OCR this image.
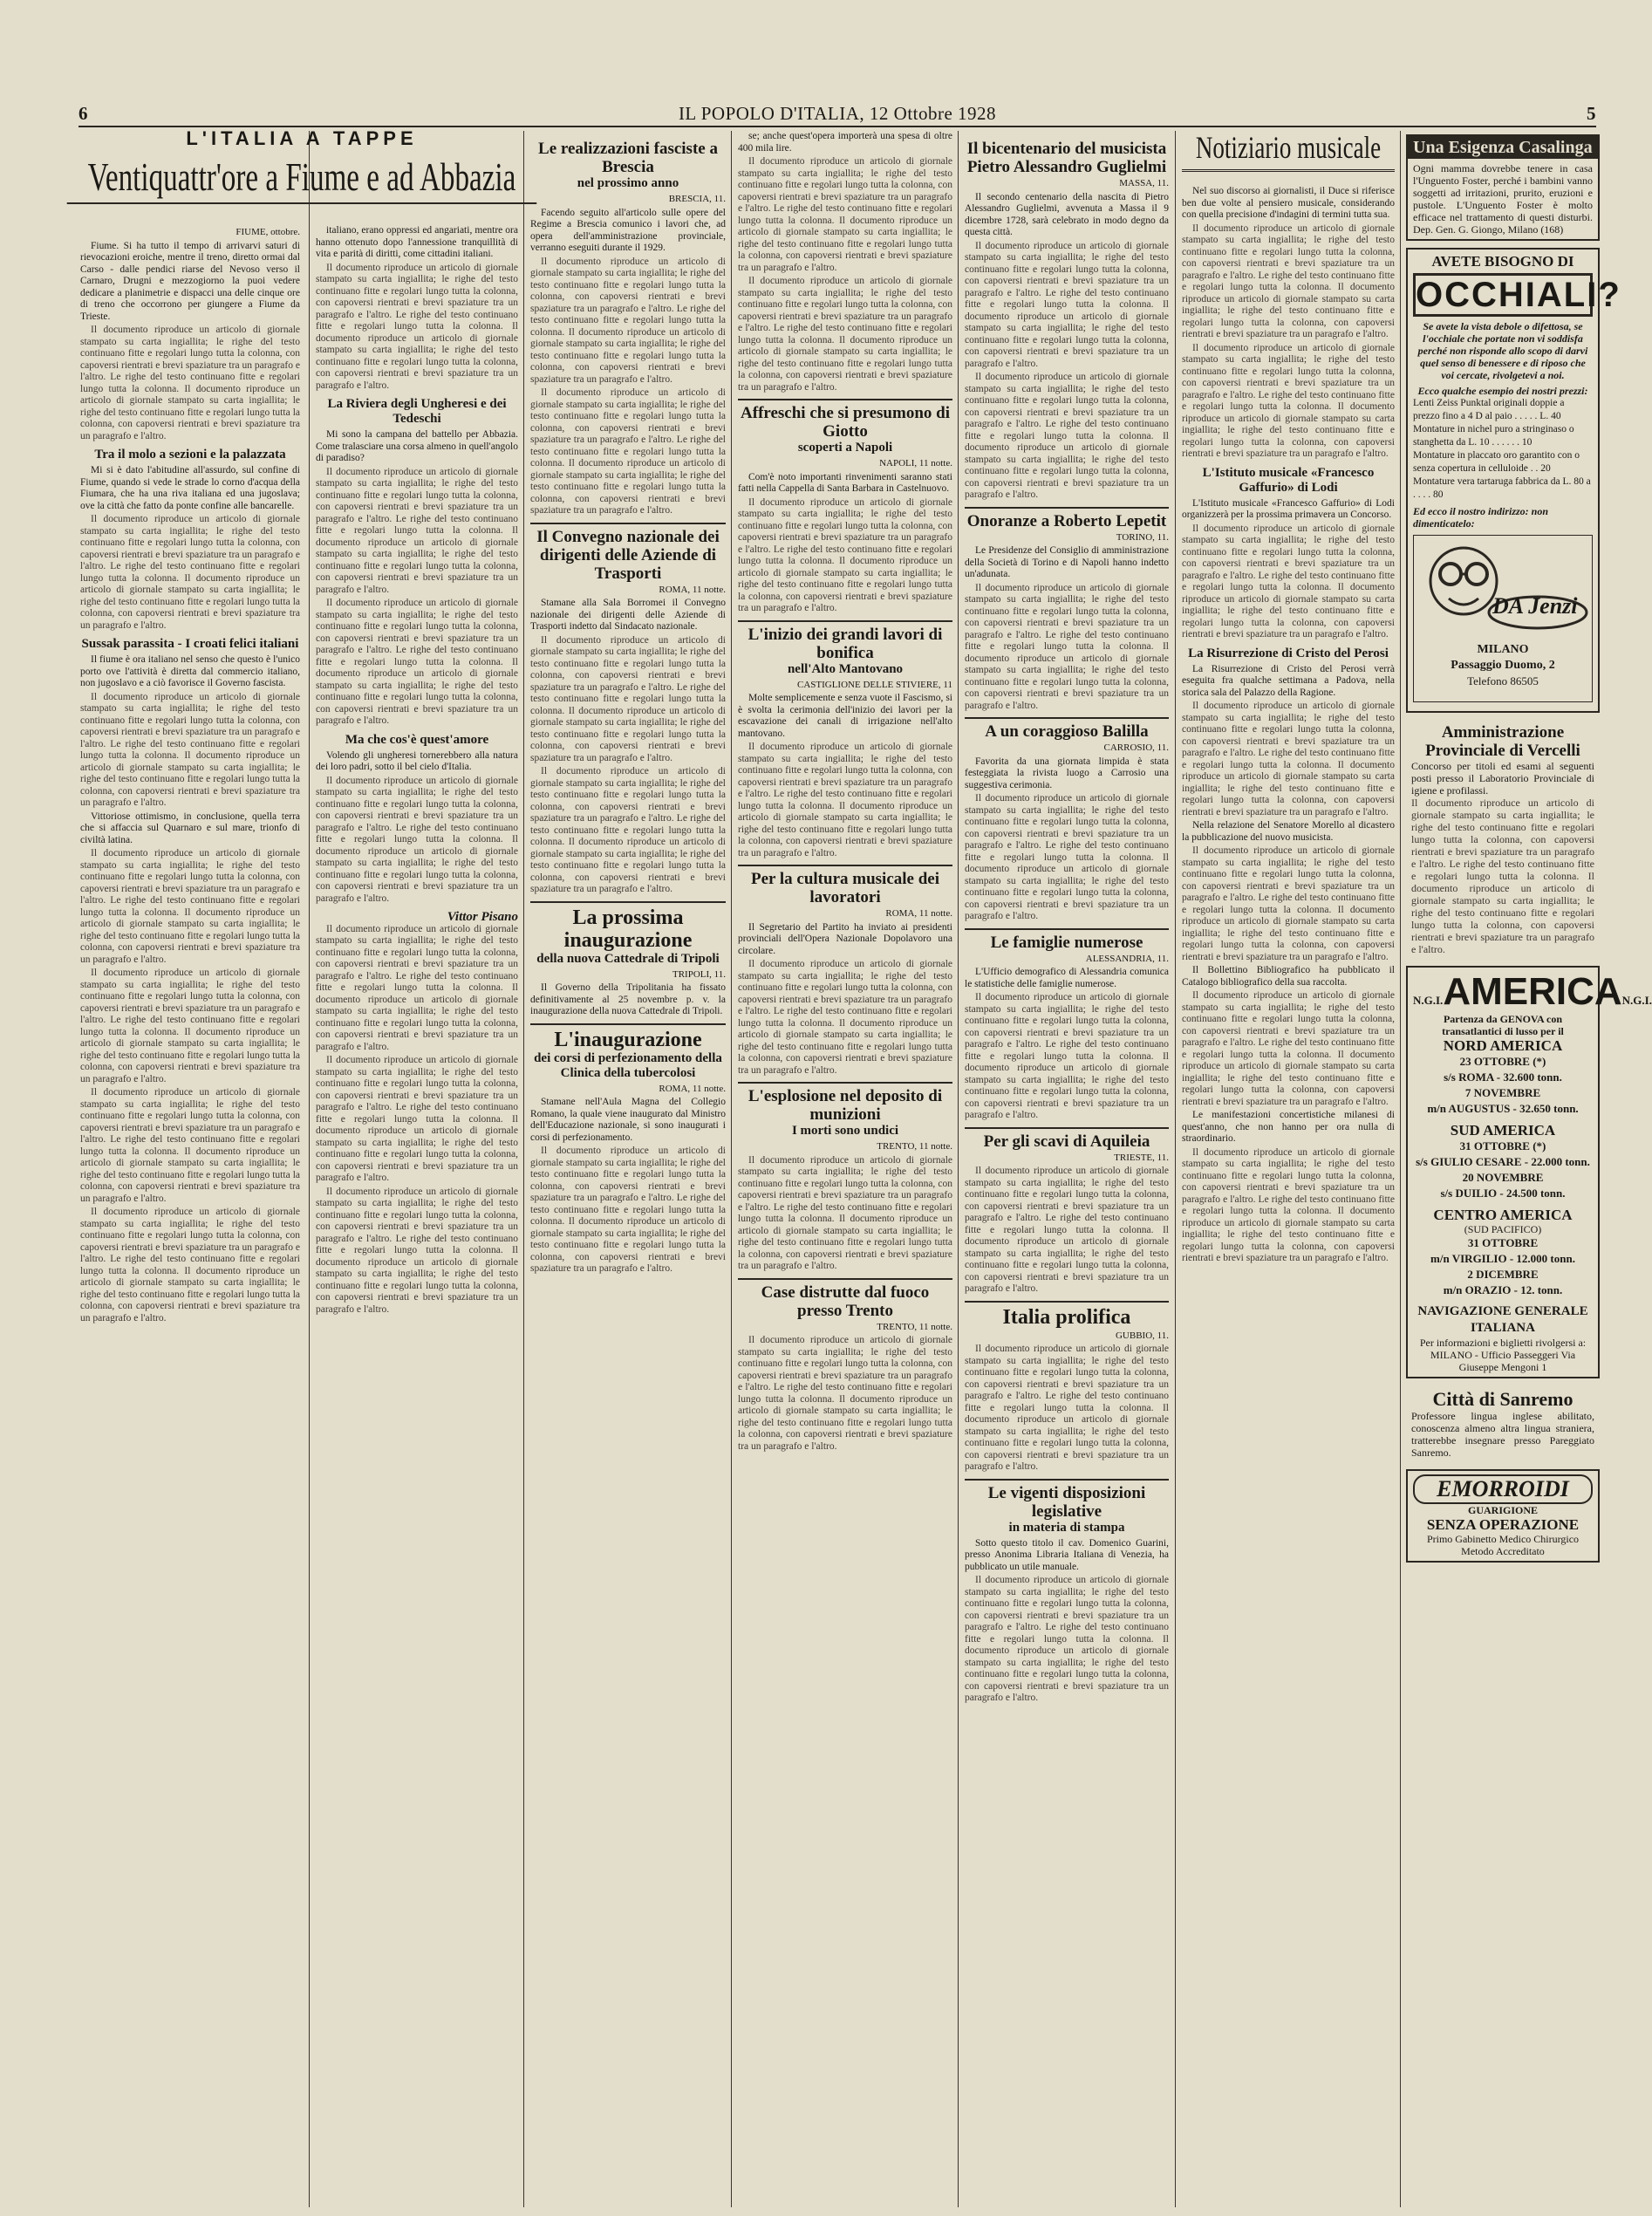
6	IL POPOLO D'ITALIA, 12 Ottobre 1928	5
L'ITALIA A TAPPE
Ventiquattr'ore a Fiume e ad Abbazia
FIUME, ottobre.

Fiume. Si ha tutto il tempo di arrivarvi saturi di rievocazioni eroiche, mentre il treno, diretto ormai dal Carso - dalle pendici riarse del Nevoso verso il Carnaro, Drugni e mezzogiorno la puoi vedere dedicare a planimetrie e dispacci una delle cinque ore di treno che occorrono per giungere a Fiume da Trieste.

Il documento riproduce un articolo di giornale stampato su carta ingiallita; le righe del testo continuano fitte e regolari lungo tutta la colonna, con capoversi rientrati e brevi spaziature tra un paragrafo e l'altro. Le righe del testo continuano fitte e regolari lungo tutta la colonna. Il documento riproduce un articolo di giornale stampato su carta ingiallita; le righe del testo continuano fitte e regolari lungo tutta la colonna, con capoversi rientrati e brevi spaziature tra un paragrafo e l'altro.

Tra il molo a sezioni e la palazzata

Mi si è dato l'abitudine all'assurdo, sul confine di Fiume, quando si vede le strade lo corno d'acqua della Fiumara, che ha una riva italiana ed una jugoslava; ove la città che fatto da ponte confine alle bancarelle.

Il documento riproduce un articolo di giornale stampato su carta ingiallita; le righe del testo continuano fitte e regolari lungo tutta la colonna, con capoversi rientrati e brevi spaziature tra un paragrafo e l'altro. Le righe del testo continuano fitte e regolari lungo tutta la colonna. Il documento riproduce un articolo di giornale stampato su carta ingiallita; le righe del testo continuano fitte e regolari lungo tutta la colonna, con capoversi rientrati e brevi spaziature tra un paragrafo e l'altro.

Sussak parassita - I croati felici italiani

Il fiume è ora italiano nel senso che questo è l'unico porto ove l'attività è diretta dal commercio italiano, non jugoslavo e a ciò favorisce il Governo fascista.

Il documento riproduce un articolo di giornale stampato su carta ingiallita; le righe del testo continuano fitte e regolari lungo tutta la colonna, con capoversi rientrati e brevi spaziature tra un paragrafo e l'altro. Le righe del testo continuano fitte e regolari lungo tutta la colonna. Il documento riproduce un articolo di giornale stampato su carta ingiallita; le righe del testo continuano fitte e regolari lungo tutta la colonna, con capoversi rientrati e brevi spaziature tra un paragrafo e l'altro.

Vittoriose ottimismo, in conclusione, quella terra che si affaccia sul Quarnaro e sul mare, trionfo di civiltà latina.

Il documento riproduce un articolo di giornale stampato su carta ingiallita; le righe del testo continuano fitte e regolari lungo tutta la colonna, con capoversi rientrati e brevi spaziature tra un paragrafo e l'altro. Le righe del testo continuano fitte e regolari lungo tutta la colonna. Il documento riproduce un articolo di giornale stampato su carta ingiallita; le righe del testo continuano fitte e regolari lungo tutta la colonna, con capoversi rientrati e brevi spaziature tra un paragrafo e l'altro.

Il documento riproduce un articolo di giornale stampato su carta ingiallita; le righe del testo continuano fitte e regolari lungo tutta la colonna, con capoversi rientrati e brevi spaziature tra un paragrafo e l'altro. Le righe del testo continuano fitte e regolari lungo tutta la colonna. Il documento riproduce un articolo di giornale stampato su carta ingiallita; le righe del testo continuano fitte e regolari lungo tutta la colonna, con capoversi rientrati e brevi spaziature tra un paragrafo e l'altro.

Il documento riproduce un articolo di giornale stampato su carta ingiallita; le righe del testo continuano fitte e regolari lungo tutta la colonna, con capoversi rientrati e brevi spaziature tra un paragrafo e l'altro. Le righe del testo continuano fitte e regolari lungo tutta la colonna. Il documento riproduce un articolo di giornale stampato su carta ingiallita; le righe del testo continuano fitte e regolari lungo tutta la colonna, con capoversi rientrati e brevi spaziature tra un paragrafo e l'altro.

Il documento riproduce un articolo di giornale stampato su carta ingiallita; le righe del testo continuano fitte e regolari lungo tutta la colonna, con capoversi rientrati e brevi spaziature tra un paragrafo e l'altro. Le righe del testo continuano fitte e regolari lungo tutta la colonna. Il documento riproduce un articolo di giornale stampato su carta ingiallita; le righe del testo continuano fitte e regolari lungo tutta la colonna, con capoversi rientrati e brevi spaziature tra un paragrafo e l'altro.

italiano, erano oppressi ed angariati, mentre ora hanno ottenuto dopo l'annessione tranquillità di vita e parità di diritti, come cittadini italiani.

Il documento riproduce un articolo di giornale stampato su carta ingiallita; le righe del testo continuano fitte e regolari lungo tutta la colonna, con capoversi rientrati e brevi spaziature tra un paragrafo e l'altro. Le righe del testo continuano fitte e regolari lungo tutta la colonna. Il documento riproduce un articolo di giornale stampato su carta ingiallita; le righe del testo continuano fitte e regolari lungo tutta la colonna, con capoversi rientrati e brevi spaziature tra un paragrafo e l'altro.

La Riviera degli Ungheresi e dei Tedeschi

Mi sono la campana del battello per Abbazia. Come tralasciare una corsa almeno in quell'angolo di paradiso?

Il documento riproduce un articolo di giornale stampato su carta ingiallita; le righe del testo continuano fitte e regolari lungo tutta la colonna, con capoversi rientrati e brevi spaziature tra un paragrafo e l'altro. Le righe del testo continuano fitte e regolari lungo tutta la colonna. Il documento riproduce un articolo di giornale stampato su carta ingiallita; le righe del testo continuano fitte e regolari lungo tutta la colonna, con capoversi rientrati e brevi spaziature tra un paragrafo e l'altro.

Il documento riproduce un articolo di giornale stampato su carta ingiallita; le righe del testo continuano fitte e regolari lungo tutta la colonna, con capoversi rientrati e brevi spaziature tra un paragrafo e l'altro. Le righe del testo continuano fitte e regolari lungo tutta la colonna. Il documento riproduce un articolo di giornale stampato su carta ingiallita; le righe del testo continuano fitte e regolari lungo tutta la colonna, con capoversi rientrati e brevi spaziature tra un paragrafo e l'altro.

Ma che cos'è quest'amore

Volendo gli ungheresi tornerebbero alla natura dei loro padri, sotto il bel cielo d'Italia.

Il documento riproduce un articolo di giornale stampato su carta ingiallita; le righe del testo continuano fitte e regolari lungo tutta la colonna, con capoversi rientrati e brevi spaziature tra un paragrafo e l'altro. Le righe del testo continuano fitte e regolari lungo tutta la colonna. Il documento riproduce un articolo di giornale stampato su carta ingiallita; le righe del testo continuano fitte e regolari lungo tutta la colonna, con capoversi rientrati e brevi spaziature tra un paragrafo e l'altro.

Vittor Pisano

Il documento riproduce un articolo di giornale stampato su carta ingiallita; le righe del testo continuano fitte e regolari lungo tutta la colonna, con capoversi rientrati e brevi spaziature tra un paragrafo e l'altro. Le righe del testo continuano fitte e regolari lungo tutta la colonna. Il documento riproduce un articolo di giornale stampato su carta ingiallita; le righe del testo continuano fitte e regolari lungo tutta la colonna, con capoversi rientrati e brevi spaziature tra un paragrafo e l'altro.

Il documento riproduce un articolo di giornale stampato su carta ingiallita; le righe del testo continuano fitte e regolari lungo tutta la colonna, con capoversi rientrati e brevi spaziature tra un paragrafo e l'altro. Le righe del testo continuano fitte e regolari lungo tutta la colonna. Il documento riproduce un articolo di giornale stampato su carta ingiallita; le righe del testo continuano fitte e regolari lungo tutta la colonna, con capoversi rientrati e brevi spaziature tra un paragrafo e l'altro.

Il documento riproduce un articolo di giornale stampato su carta ingiallita; le righe del testo continuano fitte e regolari lungo tutta la colonna, con capoversi rientrati e brevi spaziature tra un paragrafo e l'altro. Le righe del testo continuano fitte e regolari lungo tutta la colonna. Il documento riproduce un articolo di giornale stampato su carta ingiallita; le righe del testo continuano fitte e regolari lungo tutta la colonna, con capoversi rientrati e brevi spaziature tra un paragrafo e l'altro.

Le realizzazioni fasciste a Brescia
nel prossimo anno
BRESCIA, 11.

Facendo seguito all'articolo sulle opere del Regime a Brescia comunico i lavori che, ad opera dell'amministrazione provinciale, verranno eseguiti durante il 1929.

Il documento riproduce un articolo di giornale stampato su carta ingiallita; le righe del testo continuano fitte e regolari lungo tutta la colonna, con capoversi rientrati e brevi spaziature tra un paragrafo e l'altro. Le righe del testo continuano fitte e regolari lungo tutta la colonna. Il documento riproduce un articolo di giornale stampato su carta ingiallita; le righe del testo continuano fitte e regolari lungo tutta la colonna, con capoversi rientrati e brevi spaziature tra un paragrafo e l'altro.

Il documento riproduce un articolo di giornale stampato su carta ingiallita; le righe del testo continuano fitte e regolari lungo tutta la colonna, con capoversi rientrati e brevi spaziature tra un paragrafo e l'altro. Le righe del testo continuano fitte e regolari lungo tutta la colonna. Il documento riproduce un articolo di giornale stampato su carta ingiallita; le righe del testo continuano fitte e regolari lungo tutta la colonna, con capoversi rientrati e brevi spaziature tra un paragrafo e l'altro.

Il Convegno nazionale dei dirigenti delle Aziende di Trasporti
ROMA, 11 notte.

Stamane alla Sala Borromei il Convegno nazionale dei dirigenti delle Aziende di Trasporti indetto dal Sindacato nazionale.

Il documento riproduce un articolo di giornale stampato su carta ingiallita; le righe del testo continuano fitte e regolari lungo tutta la colonna, con capoversi rientrati e brevi spaziature tra un paragrafo e l'altro. Le righe del testo continuano fitte e regolari lungo tutta la colonna. Il documento riproduce un articolo di giornale stampato su carta ingiallita; le righe del testo continuano fitte e regolari lungo tutta la colonna, con capoversi rientrati e brevi spaziature tra un paragrafo e l'altro.

Il documento riproduce un articolo di giornale stampato su carta ingiallita; le righe del testo continuano fitte e regolari lungo tutta la colonna, con capoversi rientrati e brevi spaziature tra un paragrafo e l'altro. Le righe del testo continuano fitte e regolari lungo tutta la colonna. Il documento riproduce un articolo di giornale stampato su carta ingiallita; le righe del testo continuano fitte e regolari lungo tutta la colonna, con capoversi rientrati e brevi spaziature tra un paragrafo e l'altro.

La prossima inaugurazione
della nuova Cattedrale di Tripoli
TRIPOLI, 11.

Il Governo della Tripolitania ha fissato definitivamente al 25 novembre p. v. la inaugurazione della nuova Cattedrale di Tripoli.

L'inaugurazione
dei corsi di perfezionamento della Clinica della tubercolosi
ROMA, 11 notte.

Stamane nell'Aula Magna del Collegio Romano, la quale viene inaugurato dal Ministro dell'Educazione nazionale, si sono inaugurati i corsi di perfezionamento.

Il documento riproduce un articolo di giornale stampato su carta ingiallita; le righe del testo continuano fitte e regolari lungo tutta la colonna, con capoversi rientrati e brevi spaziature tra un paragrafo e l'altro. Le righe del testo continuano fitte e regolari lungo tutta la colonna. Il documento riproduce un articolo di giornale stampato su carta ingiallita; le righe del testo continuano fitte e regolari lungo tutta la colonna, con capoversi rientrati e brevi spaziature tra un paragrafo e l'altro.

se; anche quest'opera importerà una spesa di oltre 400 mila lire.

Il documento riproduce un articolo di giornale stampato su carta ingiallita; le righe del testo continuano fitte e regolari lungo tutta la colonna, con capoversi rientrati e brevi spaziature tra un paragrafo e l'altro. Le righe del testo continuano fitte e regolari lungo tutta la colonna. Il documento riproduce un articolo di giornale stampato su carta ingiallita; le righe del testo continuano fitte e regolari lungo tutta la colonna, con capoversi rientrati e brevi spaziature tra un paragrafo e l'altro.

Il documento riproduce un articolo di giornale stampato su carta ingiallita; le righe del testo continuano fitte e regolari lungo tutta la colonna, con capoversi rientrati e brevi spaziature tra un paragrafo e l'altro. Le righe del testo continuano fitte e regolari lungo tutta la colonna. Il documento riproduce un articolo di giornale stampato su carta ingiallita; le righe del testo continuano fitte e regolari lungo tutta la colonna, con capoversi rientrati e brevi spaziature tra un paragrafo e l'altro.

Affreschi che si presumono di Giotto
scoperti a Napoli
NAPOLI, 11 notte.

Com'è noto importanti rinvenimenti saranno stati fatti nella Cappella di Santa Barbara in Castelnuovo.

Il documento riproduce un articolo di giornale stampato su carta ingiallita; le righe del testo continuano fitte e regolari lungo tutta la colonna, con capoversi rientrati e brevi spaziature tra un paragrafo e l'altro. Le righe del testo continuano fitte e regolari lungo tutta la colonna. Il documento riproduce un articolo di giornale stampato su carta ingiallita; le righe del testo continuano fitte e regolari lungo tutta la colonna, con capoversi rientrati e brevi spaziature tra un paragrafo e l'altro.

L'inizio dei grandi lavori di bonifica
nell'Alto Mantovano
CASTIGLIONE DELLE STIVIERE, 11

Molte semplicemente e senza vuote il Fascismo, si è svolta la cerimonia dell'inizio dei lavori per la escavazione dei canali di irrigazione nell'alto mantovano.

Il documento riproduce un articolo di giornale stampato su carta ingiallita; le righe del testo continuano fitte e regolari lungo tutta la colonna, con capoversi rientrati e brevi spaziature tra un paragrafo e l'altro. Le righe del testo continuano fitte e regolari lungo tutta la colonna. Il documento riproduce un articolo di giornale stampato su carta ingiallita; le righe del testo continuano fitte e regolari lungo tutta la colonna, con capoversi rientrati e brevi spaziature tra un paragrafo e l'altro.

Per la cultura musicale dei lavoratori
ROMA, 11 notte.

Il Segretario del Partito ha inviato ai presidenti provinciali dell'Opera Nazionale Dopolavoro una circolare.

Il documento riproduce un articolo di giornale stampato su carta ingiallita; le righe del testo continuano fitte e regolari lungo tutta la colonna, con capoversi rientrati e brevi spaziature tra un paragrafo e l'altro. Le righe del testo continuano fitte e regolari lungo tutta la colonna. Il documento riproduce un articolo di giornale stampato su carta ingiallita; le righe del testo continuano fitte e regolari lungo tutta la colonna, con capoversi rientrati e brevi spaziature tra un paragrafo e l'altro.

L'esplosione nel deposito di munizioni
I morti sono undici
TRENTO, 11 notte.

Il documento riproduce un articolo di giornale stampato su carta ingiallita; le righe del testo continuano fitte e regolari lungo tutta la colonna, con capoversi rientrati e brevi spaziature tra un paragrafo e l'altro. Le righe del testo continuano fitte e regolari lungo tutta la colonna. Il documento riproduce un articolo di giornale stampato su carta ingiallita; le righe del testo continuano fitte e regolari lungo tutta la colonna, con capoversi rientrati e brevi spaziature tra un paragrafo e l'altro.

Case distrutte dal fuoco presso Trento
TRENTO, 11 notte.

Il documento riproduce un articolo di giornale stampato su carta ingiallita; le righe del testo continuano fitte e regolari lungo tutta la colonna, con capoversi rientrati e brevi spaziature tra un paragrafo e l'altro. Le righe del testo continuano fitte e regolari lungo tutta la colonna. Il documento riproduce un articolo di giornale stampato su carta ingiallita; le righe del testo continuano fitte e regolari lungo tutta la colonna, con capoversi rientrati e brevi spaziature tra un paragrafo e l'altro.

Il bicentenario del musicista Pietro Alessandro Guglielmi
MASSA, 11.

Il secondo centenario della nascita di Pietro Alessandro Guglielmi, avvenuta a Massa il 9 dicembre 1728, sarà celebrato in modo degno da questa città.

Il documento riproduce un articolo di giornale stampato su carta ingiallita; le righe del testo continuano fitte e regolari lungo tutta la colonna, con capoversi rientrati e brevi spaziature tra un paragrafo e l'altro. Le righe del testo continuano fitte e regolari lungo tutta la colonna. Il documento riproduce un articolo di giornale stampato su carta ingiallita; le righe del testo continuano fitte e regolari lungo tutta la colonna, con capoversi rientrati e brevi spaziature tra un paragrafo e l'altro.

Il documento riproduce un articolo di giornale stampato su carta ingiallita; le righe del testo continuano fitte e regolari lungo tutta la colonna, con capoversi rientrati e brevi spaziature tra un paragrafo e l'altro. Le righe del testo continuano fitte e regolari lungo tutta la colonna. Il documento riproduce un articolo di giornale stampato su carta ingiallita; le righe del testo continuano fitte e regolari lungo tutta la colonna, con capoversi rientrati e brevi spaziature tra un paragrafo e l'altro.

Onoranze a Roberto Lepetit
TORINO, 11.

Le Presidenze del Consiglio di amministrazione della Società di Torino e di Napoli hanno indetto un'adunata.

Il documento riproduce un articolo di giornale stampato su carta ingiallita; le righe del testo continuano fitte e regolari lungo tutta la colonna, con capoversi rientrati e brevi spaziature tra un paragrafo e l'altro. Le righe del testo continuano fitte e regolari lungo tutta la colonna. Il documento riproduce un articolo di giornale stampato su carta ingiallita; le righe del testo continuano fitte e regolari lungo tutta la colonna, con capoversi rientrati e brevi spaziature tra un paragrafo e l'altro.

A un coraggioso Balilla
CARROSIO, 11.

Favorita da una giornata limpida è stata festeggiata la rivista luogo a Carrosio una suggestiva cerimonia.

Il documento riproduce un articolo di giornale stampato su carta ingiallita; le righe del testo continuano fitte e regolari lungo tutta la colonna, con capoversi rientrati e brevi spaziature tra un paragrafo e l'altro. Le righe del testo continuano fitte e regolari lungo tutta la colonna. Il documento riproduce un articolo di giornale stampato su carta ingiallita; le righe del testo continuano fitte e regolari lungo tutta la colonna, con capoversi rientrati e brevi spaziature tra un paragrafo e l'altro.

Le famiglie numerose
ALESSANDRIA, 11.

L'Ufficio demografico di Alessandria comunica le statistiche delle famiglie numerose.

Il documento riproduce un articolo di giornale stampato su carta ingiallita; le righe del testo continuano fitte e regolari lungo tutta la colonna, con capoversi rientrati e brevi spaziature tra un paragrafo e l'altro. Le righe del testo continuano fitte e regolari lungo tutta la colonna. Il documento riproduce un articolo di giornale stampato su carta ingiallita; le righe del testo continuano fitte e regolari lungo tutta la colonna, con capoversi rientrati e brevi spaziature tra un paragrafo e l'altro.

Per gli scavi di Aquileia
TRIESTE, 11.

Il documento riproduce un articolo di giornale stampato su carta ingiallita; le righe del testo continuano fitte e regolari lungo tutta la colonna, con capoversi rientrati e brevi spaziature tra un paragrafo e l'altro. Le righe del testo continuano fitte e regolari lungo tutta la colonna. Il documento riproduce un articolo di giornale stampato su carta ingiallita; le righe del testo continuano fitte e regolari lungo tutta la colonna, con capoversi rientrati e brevi spaziature tra un paragrafo e l'altro.

Italia prolifica
GUBBIO, 11.

Il documento riproduce un articolo di giornale stampato su carta ingiallita; le righe del testo continuano fitte e regolari lungo tutta la colonna, con capoversi rientrati e brevi spaziature tra un paragrafo e l'altro. Le righe del testo continuano fitte e regolari lungo tutta la colonna. Il documento riproduce un articolo di giornale stampato su carta ingiallita; le righe del testo continuano fitte e regolari lungo tutta la colonna, con capoversi rientrati e brevi spaziature tra un paragrafo e l'altro.

Le vigenti disposizioni legislative
in materia di stampa

Sotto questo titolo il cav. Domenico Guarini, presso Anonima Libraria Italiana di Venezia, ha pubblicato un utile manuale.

Il documento riproduce un articolo di giornale stampato su carta ingiallita; le righe del testo continuano fitte e regolari lungo tutta la colonna, con capoversi rientrati e brevi spaziature tra un paragrafo e l'altro. Le righe del testo continuano fitte e regolari lungo tutta la colonna. Il documento riproduce un articolo di giornale stampato su carta ingiallita; le righe del testo continuano fitte e regolari lungo tutta la colonna, con capoversi rientrati e brevi spaziature tra un paragrafo e l'altro.

Notiziario musicale

Nel suo discorso ai giornalisti, il Duce si riferisce ben due volte al pensiero musicale, considerando con quella precisione d'indagini di termini tutta sua.

Il documento riproduce un articolo di giornale stampato su carta ingiallita; le righe del testo continuano fitte e regolari lungo tutta la colonna, con capoversi rientrati e brevi spaziature tra un paragrafo e l'altro. Le righe del testo continuano fitte e regolari lungo tutta la colonna. Il documento riproduce un articolo di giornale stampato su carta ingiallita; le righe del testo continuano fitte e regolari lungo tutta la colonna, con capoversi rientrati e brevi spaziature tra un paragrafo e l'altro.

Il documento riproduce un articolo di giornale stampato su carta ingiallita; le righe del testo continuano fitte e regolari lungo tutta la colonna, con capoversi rientrati e brevi spaziature tra un paragrafo e l'altro. Le righe del testo continuano fitte e regolari lungo tutta la colonna. Il documento riproduce un articolo di giornale stampato su carta ingiallita; le righe del testo continuano fitte e regolari lungo tutta la colonna, con capoversi rientrati e brevi spaziature tra un paragrafo e l'altro.

L'Istituto musicale «Francesco Gaffurio» di Lodi

L'Istituto musicale «Francesco Gaffurio» di Lodi organizzerà per la prossima primavera un Concorso.

Il documento riproduce un articolo di giornale stampato su carta ingiallita; le righe del testo continuano fitte e regolari lungo tutta la colonna, con capoversi rientrati e brevi spaziature tra un paragrafo e l'altro. Le righe del testo continuano fitte e regolari lungo tutta la colonna. Il documento riproduce un articolo di giornale stampato su carta ingiallita; le righe del testo continuano fitte e regolari lungo tutta la colonna, con capoversi rientrati e brevi spaziature tra un paragrafo e l'altro.

La Risurrezione di Cristo del Perosi

La Risurrezione di Cristo del Perosi verrà eseguita fra qualche settimana a Padova, nella storica sala del Palazzo della Ragione.

Il documento riproduce un articolo di giornale stampato su carta ingiallita; le righe del testo continuano fitte e regolari lungo tutta la colonna, con capoversi rientrati e brevi spaziature tra un paragrafo e l'altro. Le righe del testo continuano fitte e regolari lungo tutta la colonna. Il documento riproduce un articolo di giornale stampato su carta ingiallita; le righe del testo continuano fitte e regolari lungo tutta la colonna, con capoversi rientrati e brevi spaziature tra un paragrafo e l'altro.

Nella relazione del Senatore Morello al dicastero la pubblicazione del nuovo musicista.

Il documento riproduce un articolo di giornale stampato su carta ingiallita; le righe del testo continuano fitte e regolari lungo tutta la colonna, con capoversi rientrati e brevi spaziature tra un paragrafo e l'altro. Le righe del testo continuano fitte e regolari lungo tutta la colonna. Il documento riproduce un articolo di giornale stampato su carta ingiallita; le righe del testo continuano fitte e regolari lungo tutta la colonna, con capoversi rientrati e brevi spaziature tra un paragrafo e l'altro.

Il Bollettino Bibliografico ha pubblicato il Catalogo bibliografico della sua raccolta.

Il documento riproduce un articolo di giornale stampato su carta ingiallita; le righe del testo continuano fitte e regolari lungo tutta la colonna, con capoversi rientrati e brevi spaziature tra un paragrafo e l'altro. Le righe del testo continuano fitte e regolari lungo tutta la colonna. Il documento riproduce un articolo di giornale stampato su carta ingiallita; le righe del testo continuano fitte e regolari lungo tutta la colonna, con capoversi rientrati e brevi spaziature tra un paragrafo e l'altro.

Le manifestazioni concertistiche milanesi di quest'anno, che non hanno per ora nulla di straordinario.

Il documento riproduce un articolo di giornale stampato su carta ingiallita; le righe del testo continuano fitte e regolari lungo tutta la colonna, con capoversi rientrati e brevi spaziature tra un paragrafo e l'altro. Le righe del testo continuano fitte e regolari lungo tutta la colonna. Il documento riproduce un articolo di giornale stampato su carta ingiallita; le righe del testo continuano fitte e regolari lungo tutta la colonna, con capoversi rientrati e brevi spaziature tra un paragrafo e l'altro.

Una Esigenza Casalinga
Ogni mamma dovrebbe tenere in casa l'Unguento Foster, perché i bambini vanno soggetti ad irritazioni, prurito, eruzioni e pustole. L'Unguento Foster è molto efficace nel trattamento di questi disturbi. Dep. Gen. G. Giongo, Milano (168)
AVETE BISOGNO DI
OCCHIALI?
Se avete la vista debole o difettosa, se l'occhiale che portate non vi soddisfa perché non risponde allo scopo di darvi quel senso di benessere e di riposo che voi cercate, rivolgetevi a noi.
Ecco qualche esempio dei nostri prezzi:
Lenti Zeiss Punktal originali doppie a prezzo fino a 4 D al paio . . . . . L. 40
Montature in nichel puro a stringinaso o stanghetta da L. 10 . . . . . . 10
Montature in placcato oro garantito con o senza copertura in celluloide . . 20
Montature vera tartaruga fabbrica da L. 80 a . . . . 80
Ed ecco il nostro indirizzo: non dimenticatelo:
DA Jenzi
MILANO
Passaggio Duomo, 2
Telefono 86505
Amministrazione Provinciale di Vercelli
Concorso per titoli ed esami al seguenti posti presso il Laboratorio Provinciale di igiene e profilassi.
Il documento riproduce un articolo di giornale stampato su carta ingiallita; le righe del testo continuano fitte e regolari lungo tutta la colonna, con capoversi rientrati e brevi spaziature tra un paragrafo e l'altro. Le righe del testo continuano fitte e regolari lungo tutta la colonna. Il documento riproduce un articolo di giornale stampato su carta ingiallita; le righe del testo continuano fitte e regolari lungo tutta la colonna, con capoversi rientrati e brevi spaziature tra un paragrafo e l'altro.
N.G.I. AMERICA N.G.I.
Partenza da GENOVA con transatlantici di lusso per il
NORD AMERICA
23 OTTOBRE (*)
s/s ROMA - 32.600 tonn.
7 NOVEMBRE
m/n AUGUSTUS - 32.650 tonn.
SUD AMERICA
31 OTTOBRE (*)
s/s GIULIO CESARE - 22.000 tonn.
20 NOVEMBRE
s/s DUILIO - 24.500 tonn.
CENTRO AMERICA
(SUD PACIFICO)
31 OTTOBRE
m/n VIRGILIO - 12.000 tonn.
2 DICEMBRE
m/n ORAZIO - 12. tonn.
NAVIGAZIONE GENERALE ITALIANA
Per informazioni e biglietti rivolgersi a:
MILANO - Ufficio Passeggeri Via Giuseppe Mengoni 1
Città di Sanremo
Professore lingua inglese abilitato, conoscenza almeno altra lingua straniera, tratterebbe insegnare presso Pareggiato Sanremo.
EMORROIDI
GUARIGIONE
SENZA OPERAZIONE
Primo Gabinetto Medico Chirurgico Metodo Accreditato
